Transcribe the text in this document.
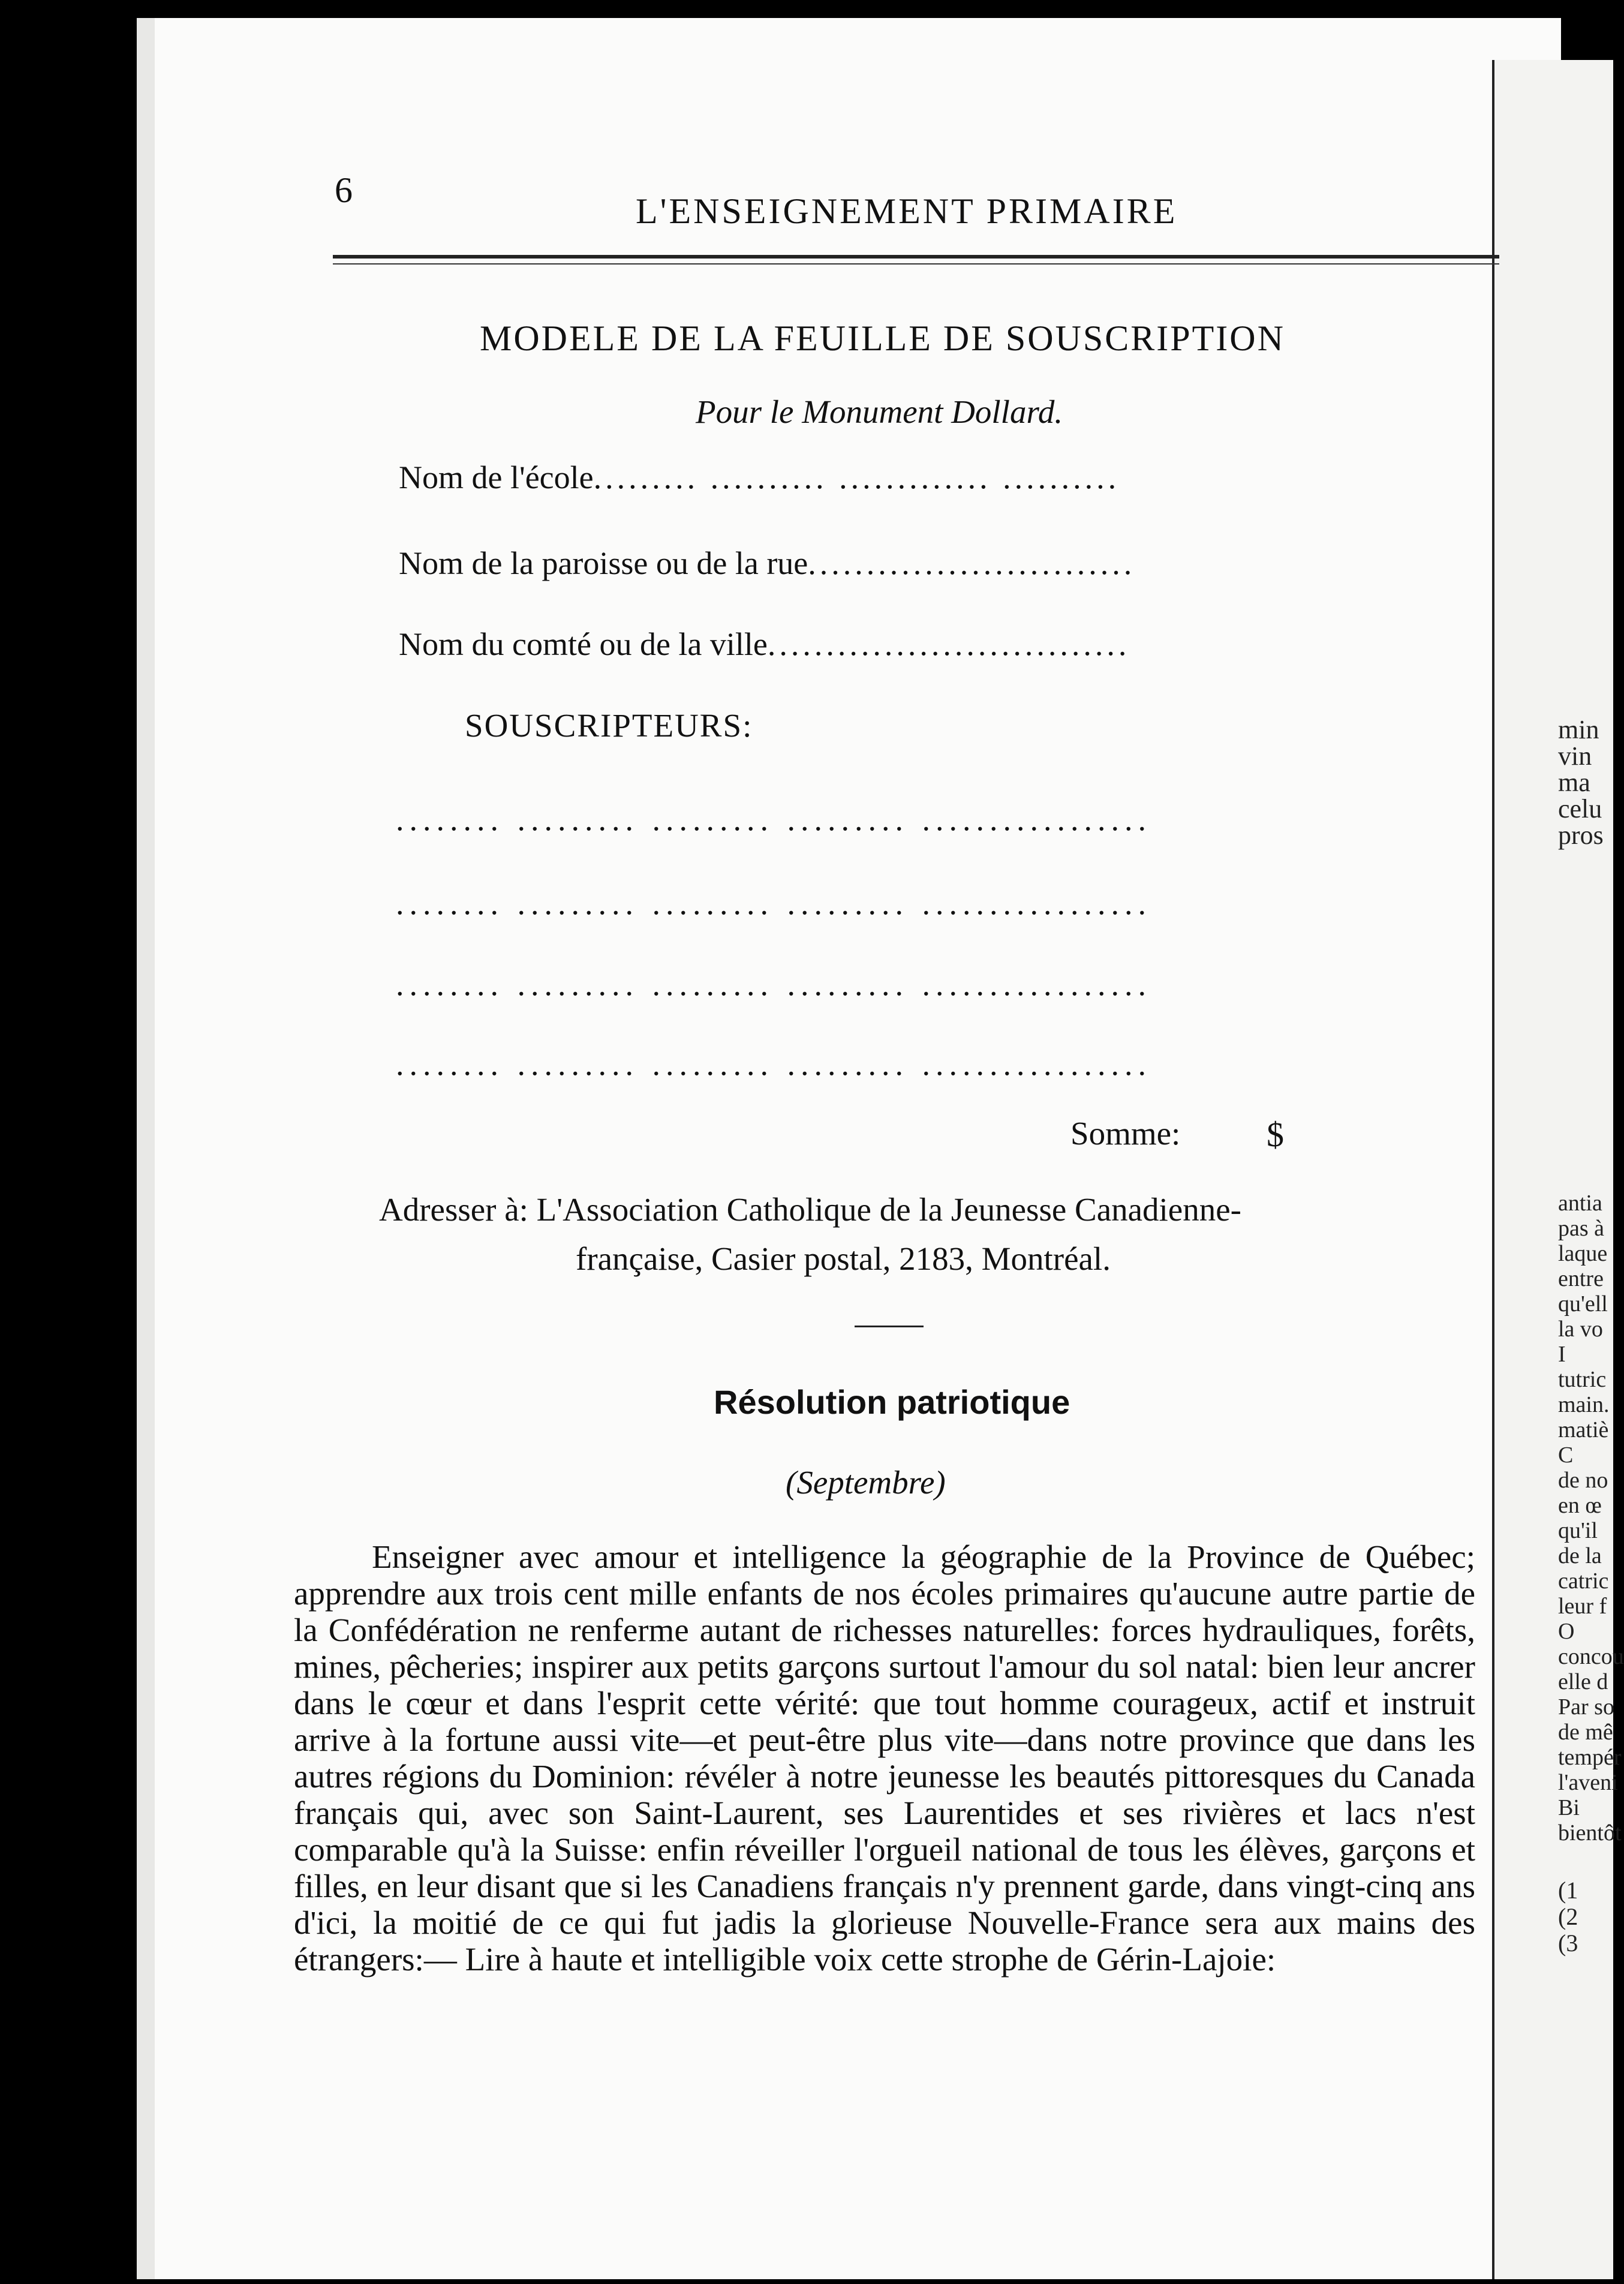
6
L'ENSEIGNEMENT PRIMAIRE
MODELE DE LA FEUILLE DE SOUSCRIPTION
Pour le Monument Dollard.
Nom de l'école......... .......... ............. ..........
Nom de la paroisse ou de la rue............................
Nom du comté ou de la ville...............................
SOUSCRIPTEURS:
........ ......... ......... ......... .................
........ ......... ......... ......... .................
........ ......... ......... ......... .................
........ ......... ......... ......... .................
Somme: $
Adresser à: L'Association Catholique de la Jeunesse Canadienne-
française, Casier postal, 2183, Montréal.
Résolution patriotique
(Septembre)

Enseigner avec amour et intelligence la géographie de la Province de Québec; apprendre aux trois cent mille enfants de nos écoles primaires qu'aucune autre partie de la Confédération ne renferme autant de richesses naturelles: forces hydrauliques, forêts, mines, pêcheries; inspirer aux petits garçons surtout l'amour du sol natal: bien leur ancrer dans le cœur et dans l'esprit cette vérité: que tout homme courageux, actif et instruit arrive à la fortune aussi vite—et peut-être plus vite—dans notre province que dans les autres régions du Dominion: révéler à notre jeunesse les beautés pittoresques du Canada français qui, avec son Saint-Laurent, ses Laurentides et ses rivières et lacs n'est comparable qu'à la Suisse: enfin réveiller l'orgueil national de tous les élèves, garçons et filles, en leur disant que si les Canadiens français n'y prennent garde, dans vingt-cinq ans d'ici, la moitié de ce qui fut jadis la glorieuse Nouvelle-France sera aux mains des étrangers:— Lire à haute et intelligible voix cette strophe de Gérin-Lajoie:

min
vin
ma
celu
pros
antia
pas à
laque
entre
qu'ell
la vo
I
tutric
main.
matiè
C
de no
en œ
qu'il
de la
catric
leur f
O
concou
elle d
Par so
de mê
tempér
l'aveni
Bi
bientôt
(1
(2
(3
